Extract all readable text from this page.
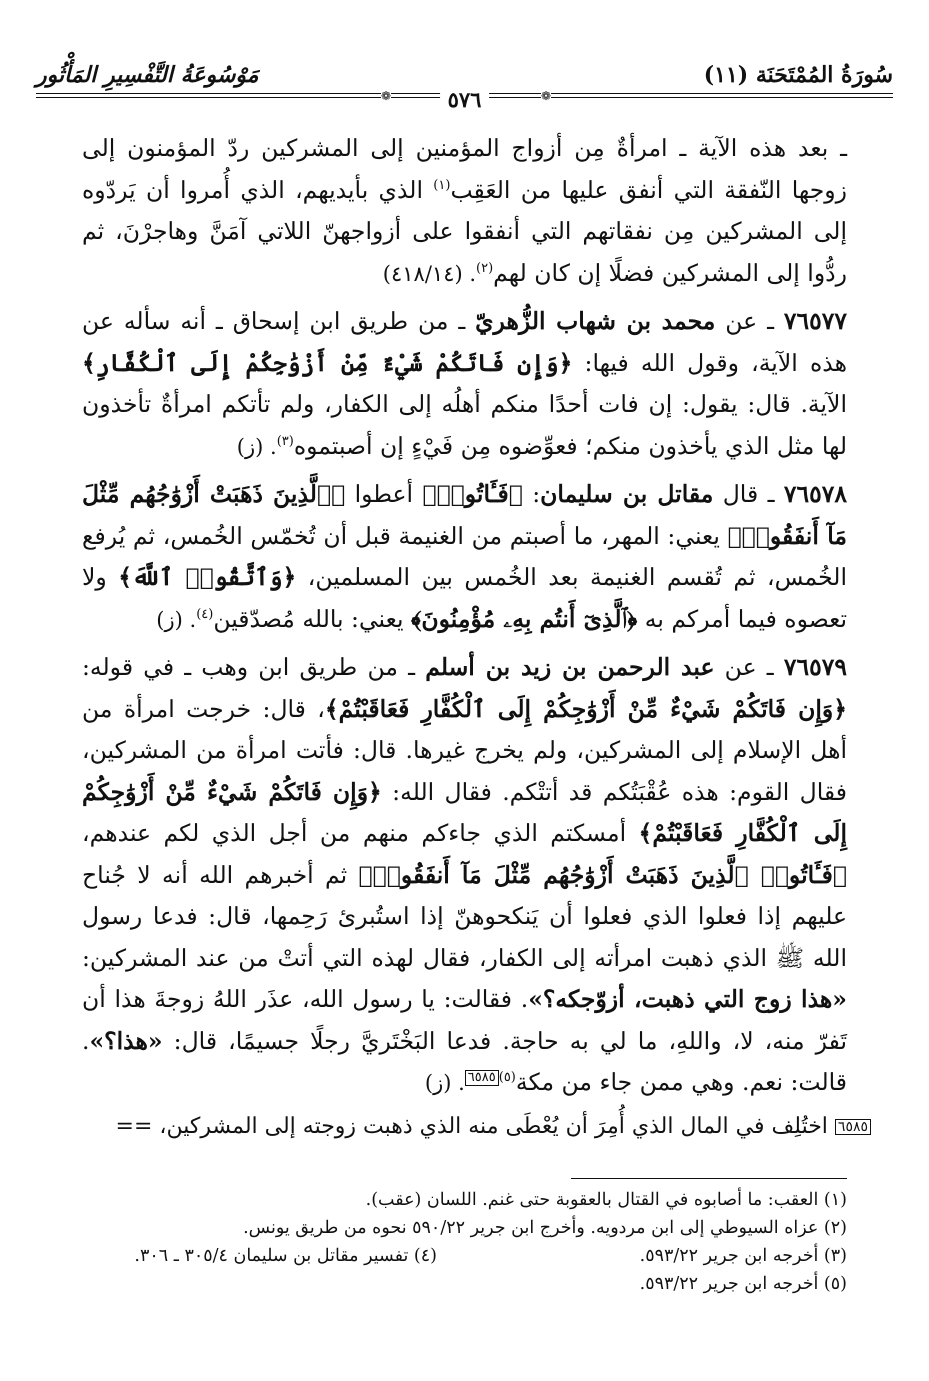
سُورَةُ المُمْتَحَنَة (١١)
مَوْسُوعَةُ التَّفْسِيرِ المَأْثُور
❁
❁	٥٧٦

ـ بعد هذه الآية ـ امرأةٌ مِن أزواج المؤمنين إلى المشركين ردّ المؤمنون إلى زوجها النّفقة التي أنفق عليها من العَقِب$^{(١)}$ الذي بأيديهم، الذي أُمروا أن يَردّوه إلى المشركين مِن نفقاتهم التي أنفقوا على أزواجهنّ اللاتي آمَنَّ وهاجرْنَ، ثم ردُّوا إلى المشركين فضلًا إن كان لهم$^{(٢)}$. (٤١٨/١٤)

٧٦٥٧٧ ـ عن محمد بن شهاب الزُّهريّ ـ من طريق ابن إسحاق ـ أنه سأله عن هذه الآية، وقول الله فيها: ﴿وَإِن فَاتَكُمْ شَيْءٌ مِّنْ أَزْوَٰجِكُمْ إِلَى ٱلْكُفَّارِ﴾ الآية. قال: يقول: إن فات أحدًا منكم أهلُه إلى الكفار، ولم تأتكم امرأةٌ تأخذون لها مثل الذي يأخذون منكم؛ فعوِّضوه مِن فَيْءٍ إن أصبتموه$^{(٣)}$. (ز)

٧٦٥٧٨ ـ قال مقاتل بن سليمان: ﴿فَـَٔاتُوا۟﴾ أعطوا ﴿ٱلَّذِينَ ذَهَبَتْ أَزْوَٰجُهُم مِّثْلَ مَآ أَنفَقُوا۟﴾ يعني: المهر، ما أصبتم من الغنيمة قبل أن تُخمّس الخُمس، ثم يُرفع الخُمس، ثم تُقسم الغنيمة بعد الخُمس بين المسلمين، ﴿وَٱتَّقُوا۟ ٱللَّهَ﴾ ولا تعصوه فيما أمركم به ﴿ٱلَّذِىٓ أَنتُم بِهِۦ مُؤْمِنُونَ﴾ يعني: بالله مُصدّقين$^{(٤)}$. (ز)

٧٦٥٧٩ ـ عن عبد الرحمن بن زيد بن أسلم ـ من طريق ابن وهب ـ في قوله: ﴿وَإِن فَاتَكُمْ شَيْءٌ مِّنْ أَزْوَٰجِكُمْ إِلَى ٱلْكُفَّارِ فَعَاقَبْتُمْ﴾، قال: خرجت امرأة من أهل الإسلام إلى المشركين، ولم يخرج غيرها. قال: فأتت امرأة من المشركين، فقال القوم: هذه عُقْبَتُكم قد أتتْكم. فقال الله: ﴿وَإِن فَاتَكُمْ شَيْءٌ مِّنْ أَزْوَٰجِكُمْ إِلَى ٱلْكُفَّارِ فَعَاقَبْتُمْ﴾ أمسكتم الذي جاءكم منهم من أجل الذي لكم عندهم، ﴿فَـَٔاتُوا۟ ٱلَّذِينَ ذَهَبَتْ أَزْوَٰجُهُم مِّثْلَ مَآ أَنفَقُوا۟﴾ ثم أخبرهم الله أنه لا جُناح عليهم إذا فعلوا الذي فعلوا أن يَنكحوهنّ إذا استُبرئ رَحِمها، قال: فدعا رسول الله ﷺ الذي ذهبت امرأته إلى الكفار، فقال لهذه التي أتتْ من عند المشركين: «هذا زوج التي ذهبت، أزوّجكه؟». فقالت: يا رسول الله، عذَر اللهُ زوجةَ هذا أن تَفرّ منه، لا، واللهِ، ما لي به حاجة. فدعا البَخْتَريَّ رجلًا جسيمًا، قال: «هذا؟». قالت: نعم. وهي ممن جاء من مكة$^{(٥)}$٦٥٨٥. (ز)

٦٥٨٥ اختُلِف في المال الذي أُمِرَ أن يُعْطَى منه الذي ذهبت زوجته إلى المشركين، ==

(١) العقب: ما أصابوه في القتال بالعقوبة حتى غنم. اللسان (عقب).

(٢) عزاه السيوطي إلى ابن مردويه. وأخرج ابن جرير ٥٩٠/٢٢ نحوه من طريق يونس.

(٣) أخرجه ابن جرير ٥٩٣/٢٢.
(٤) تفسير مقاتل بن سليمان ٣٠٥/٤ ـ ٣٠٦.

(٥) أخرجه ابن جرير ٥٩٣/٢٢.
